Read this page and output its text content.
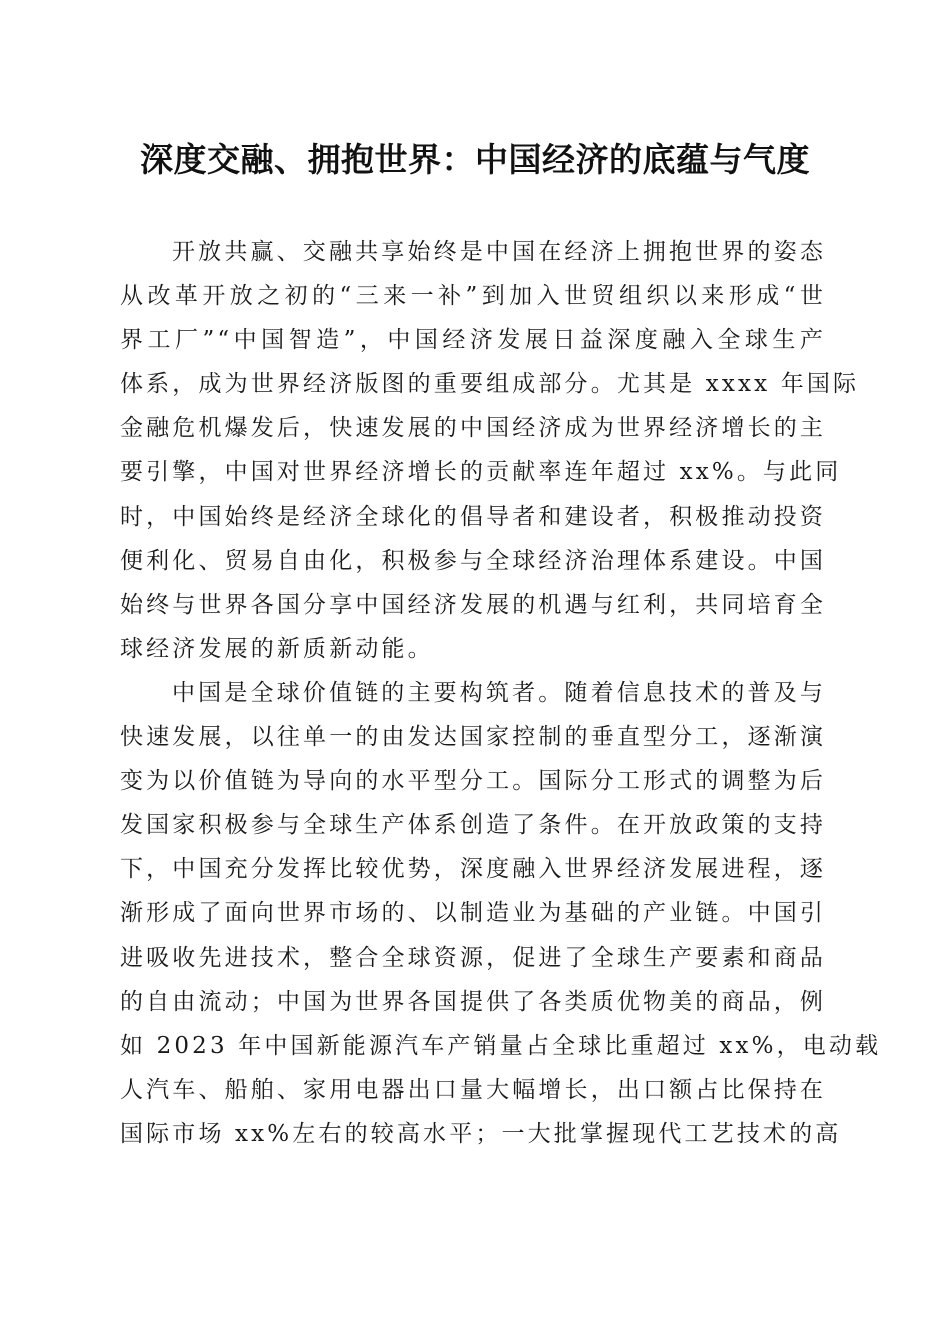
深度交融、拥抱世界：中国经济的底蕴与气度
开放共赢、交融共享始终是中国在经济上拥抱世界的姿态
从改革开放之初的“三来一补”到加入世贸组织以来形成“世
界工厂”“中国智造”，中国经济发展日益深度融入全球生产
体系，成为世界经济版图的重要组成部分。尤其是 xxxx 年国际
金融危机爆发后，快速发展的中国经济成为世界经济增长的主
要引擎，中国对世界经济增长的贡献率连年超过 xx%。与此同
时，中国始终是经济全球化的倡导者和建设者，积极推动投资
便利化、贸易自由化，积极参与全球经济治理体系建设。中国
始终与世界各国分享中国经济发展的机遇与红利，共同培育全
球经济发展的新质新动能。
中国是全球价值链的主要构筑者。随着信息技术的普及与
快速发展，以往单一的由发达国家控制的垂直型分工，逐渐演
变为以价值链为导向的水平型分工。国际分工形式的调整为后
发国家积极参与全球生产体系创造了条件。在开放政策的支持
下，中国充分发挥比较优势，深度融入世界经济发展进程，逐
渐形成了面向世界市场的、以制造业为基础的产业链。中国引
进吸收先进技术，整合全球资源，促进了全球生产要素和商品
的自由流动；中国为世界各国提供了各类质优物美的商品，例
如 2023 年中国新能源汽车产销量占全球比重超过 xx%，电动载
人汽车、船舶、家用电器出口量大幅增长，出口额占比保持在
国际市场 xx%左右的较高水平；一大批掌握现代工艺技术的高
